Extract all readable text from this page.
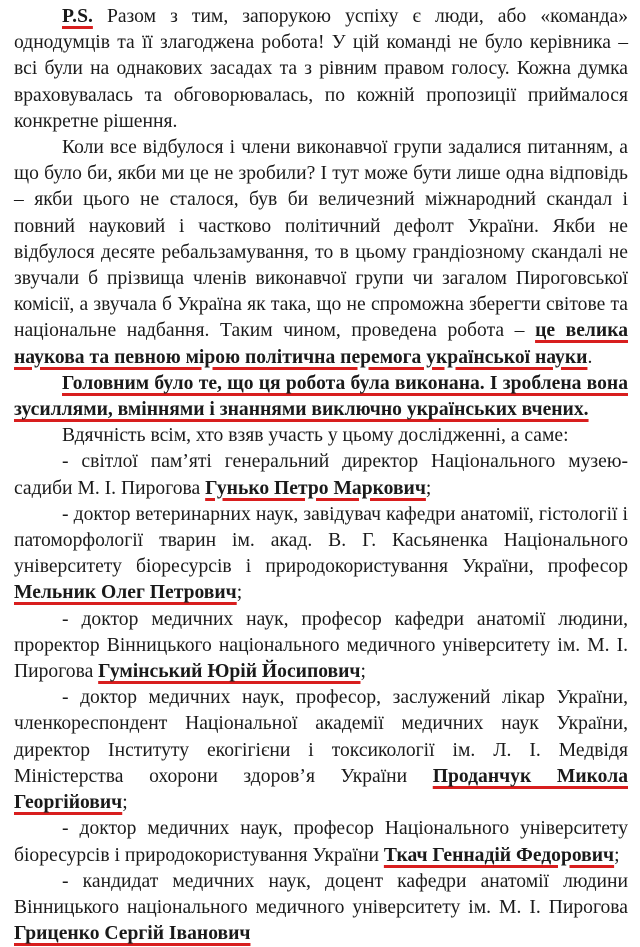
P.S. Разом з тим, запорукою успіху є люди, або «команда» однодумців та її злагоджена робота! У цій команді не було керівника – всі були на однакових засадах та з рівним правом голосу. Кожна думка враховувалась та обговорювалась, по кожній пропозиції приймалося конкретне рішення.

Коли все відбулося і члени виконавчої групи задалися питанням, а що було би, якби ми це не зробили? І тут може бути лише одна відповідь – якби цього не сталося, був би величезний міжнародний скандал і повний науковий і частково політичний дефолт України. Якби не відбулося десяте ребальзамування, то в цьому грандіозному скандалі не звучали б прізвища членів виконавчої групи чи загалом Пироговської комісії, а звучала б Україна як така, що не спроможна зберегти світове та національне надбання. Таким чином, проведена робота – це велика наукова та певною мірою політична перемога української науки.

Головним було те, що ця робота була виконана. І зроблена вона зусиллями, вміннями і знаннями виключно українських вчених.

Вдячність всім, хто взяв участь у цьому дослідженні, а саме:

- світлої пам’яті генеральний директор Національного музею-садиби М. І. Пирогова Гунько Петро Маркович;

- доктор ветеринарних наук, завідувач кафедри анатомії, гістології і патоморфології тварин ім. акад. В. Г. Касьяненка Національного університету біоресурсів і природокористування України, професор Мельник Олег Петрович;

- доктор медичних наук, професор кафедри анатомії людини, проректор Вінницького національного медичного університету ім. М. І. Пирогова Гумінський Юрій Йосипович;

- доктор медичних наук, професор, заслужений лікар України, членкореспондент Національної академії медичних наук України, директор Інституту екогігієни і токсикології ім. Л. І. Медвідя Міністерства охорони здоров’я України Проданчук Микола Георгійович;

- доктор медичних наук, професор Національного університету біоресурсів і природокористування України Ткач Геннадій Федорович;

- кандидат медичних наук, доцент кафедри анатомії людини Вінницького національного медичного університету ім. М. І. Пирогова Гриценко Сергій Іванович
